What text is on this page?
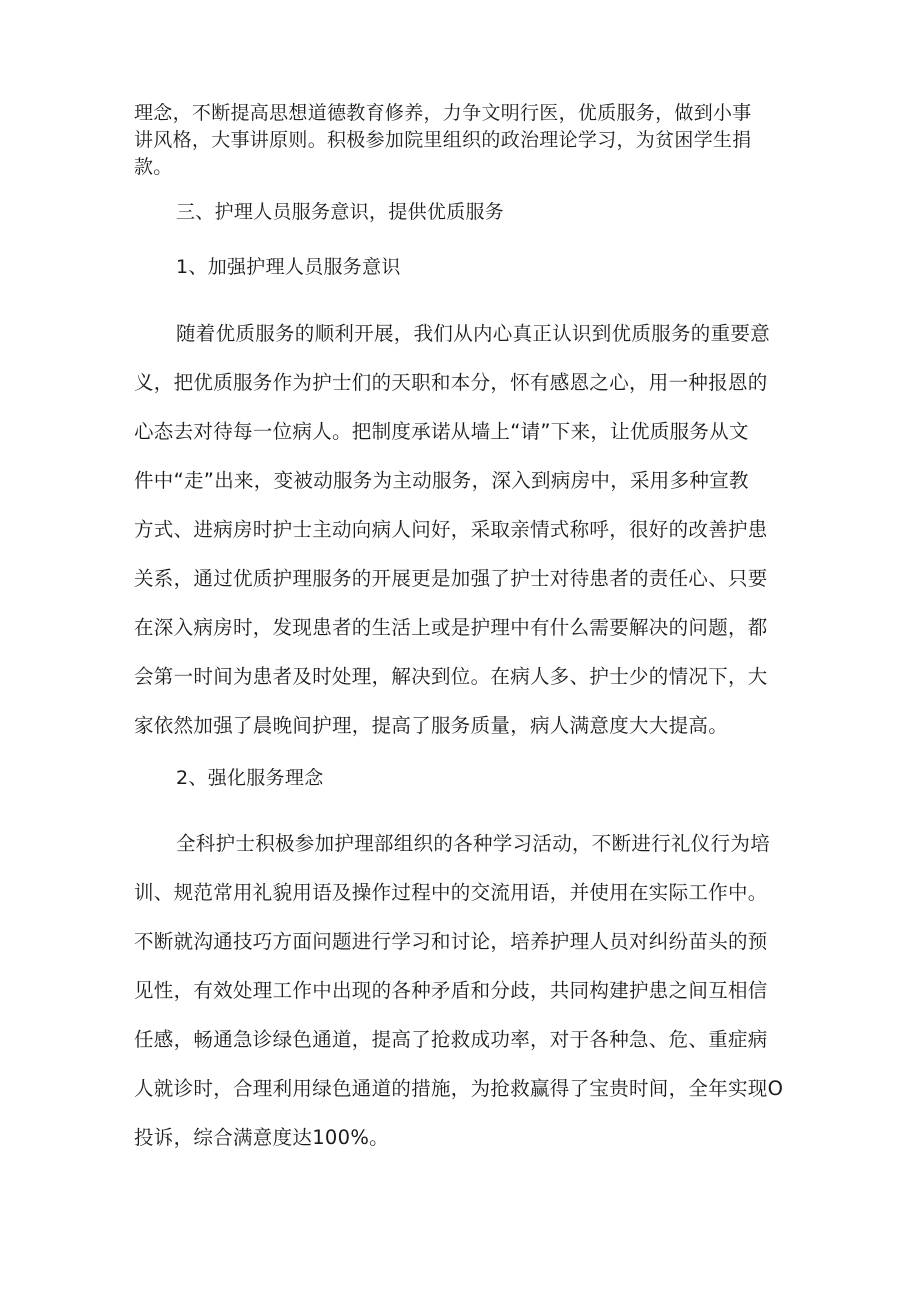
理念，不断提高思想道德教育修养，力争文明行医，优质服务，做到小事

讲风格，大事讲原则。积极参加院里组织的政治理论学习，为贫困学生捐

款。

三、护理人员服务意识，提供优质服务

1、加强护理人员服务意识

随着优质服务的顺利开展，我们从内心真正认识到优质服务的重要意

义，把优质服务作为护士们的天职和本分，怀有感恩之心，用一种报恩的

心态去对待每一位病人。把制度承诺从墙上“请”下来，让优质服务从文

件中“走”出来，变被动服务为主动服务，深入到病房中，采用多种宣教

方式、进病房时护士主动向病人问好，采取亲情式称呼，很好的改善护患

关系，通过优质护理服务的开展更是加强了护士对待患者的责任心、只要

在深入病房时，发现患者的生活上或是护理中有什么需要解决的问题，都

会第一时间为患者及时处理，解决到位。在病人多、护士少的情况下，大

家依然加强了晨晚间护理，提高了服务质量，病人满意度大大提高。

2、强化服务理念

全科护士积极参加护理部组织的各种学习活动，不断进行礼仪行为培

训、规范常用礼貌用语及操作过程中的交流用语，并使用在实际工作中。

不断就沟通技巧方面问题进行学习和讨论，培养护理人员对纠纷苗头的预

见性，有效处理工作中出现的各种矛盾和分歧，共同构建护患之间互相信

任感，畅通急诊绿色通道，提高了抢救成功率，对于各种急、危、重症病

人就诊时，合理利用绿色通道的措施，为抢救赢得了宝贵时间，全年实现O

投诉，综合满意度达100%。
